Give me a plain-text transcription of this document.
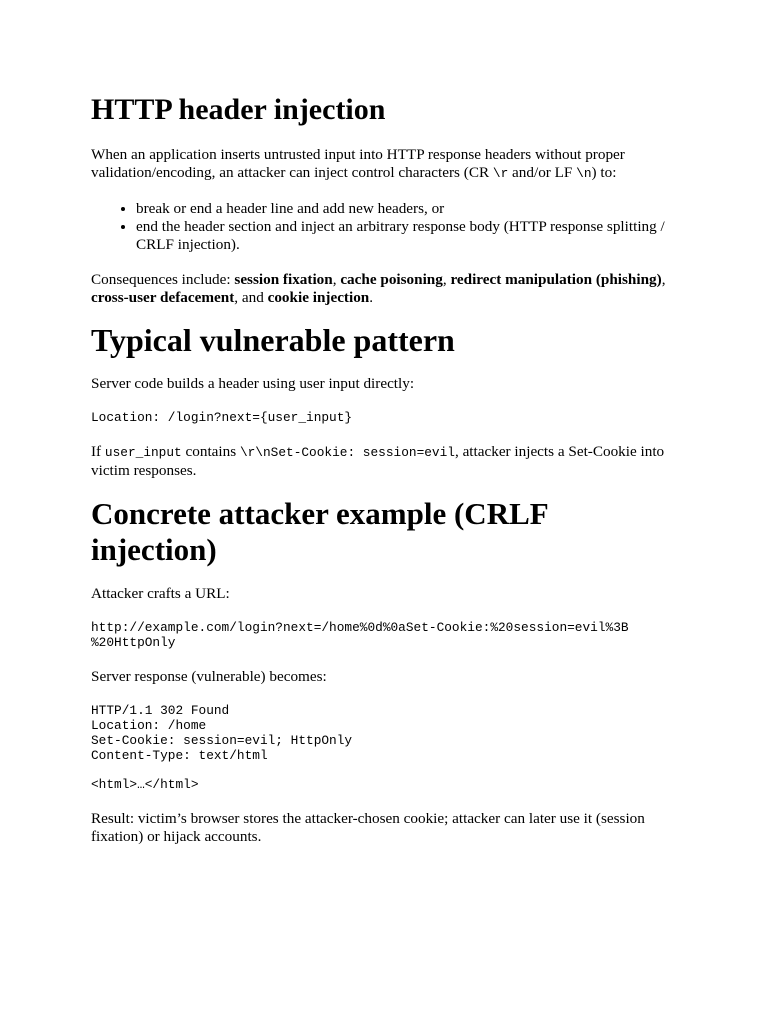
HTTP header injection

When an application inserts untrusted input into HTTP response headers without proper validation/encoding, an attacker can inject control characters (CR \r and/or LF \n) to:

• break or end a header line and add new headers, or
• end the header section and inject an arbitrary response body (HTTP response splitting / CRLF injection).

Consequences include: session fixation, cache poisoning, redirect manipulation (phishing), cross-user defacement, and cookie injection.

Typical vulnerable pattern

Server code builds a header using user input directly:

Location: /login?next={user_input}

If user_input contains \r\nSet-Cookie: session=evil, attacker injects a Set-Cookie into victim responses.

Concrete attacker example (CRLF injection)

Attacker crafts a URL:

http://example.com/login?next=/home%0d%0aSet-Cookie:%20session=evil%3B
%20HttpOnly

Server response (vulnerable) becomes:

HTTP/1.1 302 Found
Location: /home
Set-Cookie: session=evil; HttpOnly
Content-Type: text/html
<html>…</html>

Result: victim’s browser stores the attacker-chosen cookie; attacker can later use it (session fixation) or hijack accounts.
